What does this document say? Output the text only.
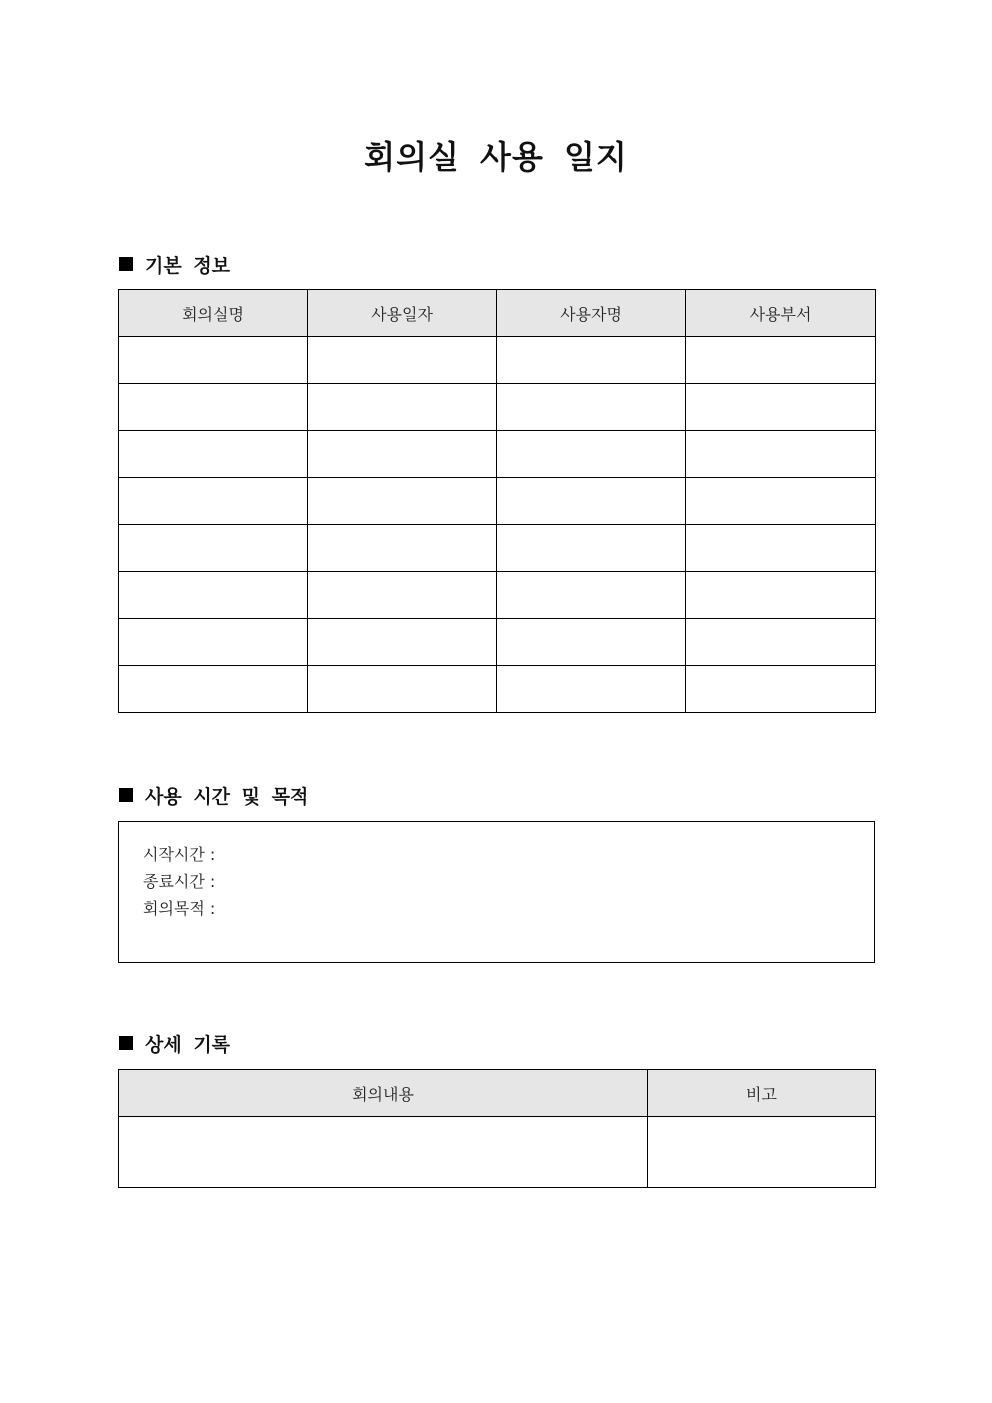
회의실 사용 일지
기본 정보
회의실명	사용일자	사용자명	사용부서

사용 시간 및 목적
시작시간 :
종료시간 :
회의목적 :
상세 기록
회의내용	비고
